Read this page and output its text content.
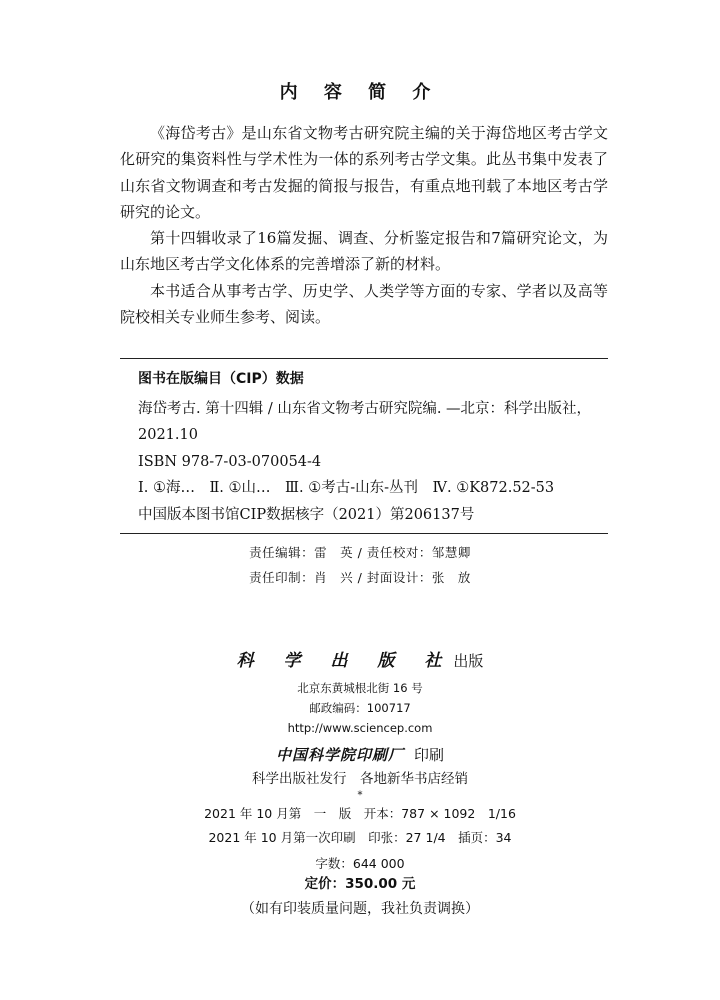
内 容 简 介

《海岱考古》是山东省文物考古研究院主编的关于海岱地区考古学文化研究的集资料性与学术性为一体的系列考古学文集。此丛书集中发表了山东省文物调查和考古发掘的简报与报告，有重点地刊载了本地区考古学研究的论文。

第十四辑收录了16篇发掘、调查、分析鉴定报告和7篇研究论文，为山东地区考古学文化体系的完善增添了新的材料。

本书适合从事考古学、历史学、人类学等方面的专家、学者以及高等院校相关专业师生参考、阅读。

图书在版编目（CIP）数据
海岱考古. 第十四辑 / 山东省文物考古研究院编. —北京：科学出版社，
2021.10
ISBN 978-7-03-070054-4
Ⅰ. ①海…　Ⅱ. ①山…　Ⅲ. ①考古-山东-丛刊　Ⅳ. ①K872.52-53
中国版本图书馆CIP数据核字（2021）第206137号
责任编辑：雷　英 / 责任校对：邹慧卿
责任印制：肖　兴 / 封面设计：张　放
科 学 出 版 社出版
北京东黄城根北街 16 号
邮政编码：100717
http://www.sciencep.com
中国科学院印刷厂 印刷
科学出版社发行　各地新华书店经销
*
2021 年 10 月第　一　版　开本：787 × 1092　1/16
2021 年 10 月第一次印刷　印张：27 1/4　插页：34
字数：644 000
定价：350.00 元
（如有印装质量问题，我社负责调换）
